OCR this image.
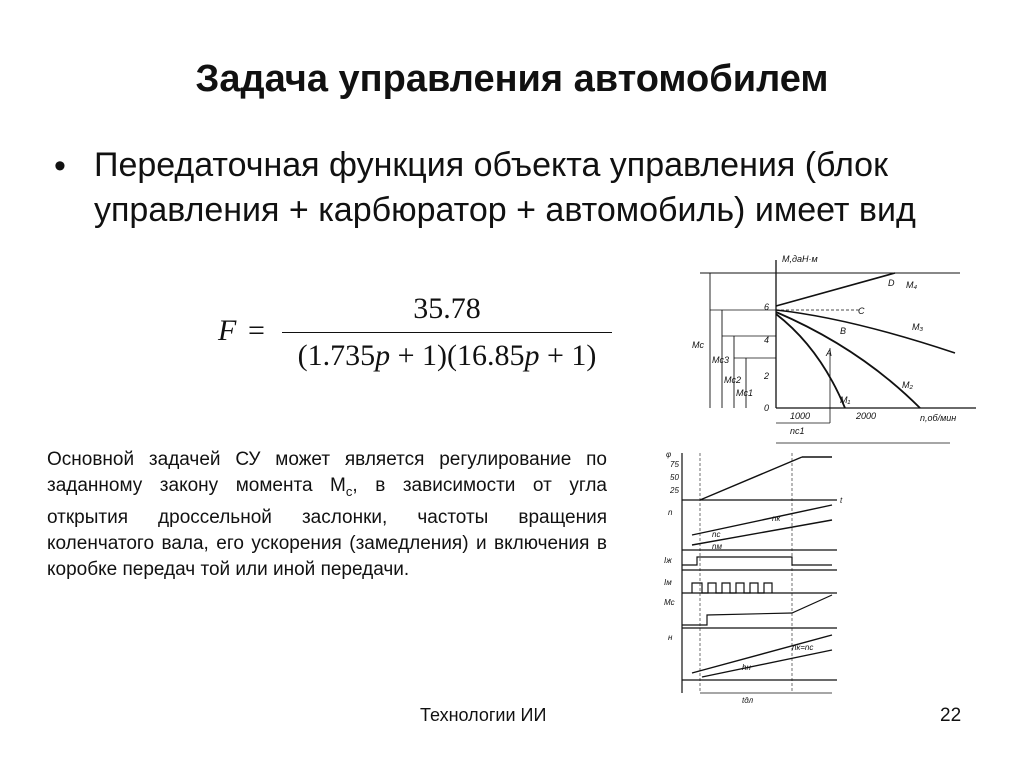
Задача управления автомобилем
• Передаточная функция объекта управления (блок управления + карбюратор + автомобиль) имеет вид
F =
35.78
(1.735p + 1)(16.85p + 1)

Основной задачей СУ может является регулирование по заданному закону момента $М_с$, в зависимости от угла открытия дроссельной заслонки, частоты вращения коленчатого вала, его ускорения (замедления) и включения в коробке передач той или иной передачи.

М,даН·м
n,об/мин
0
2
4
6
1000	2000
М₁
М₂
М₃
М₄
A
B
C
D
Мс
Мс3
Мс2
Мс1
nс1
φ
75
50
25
n
Iж
Iм
Мс
н
t
nс
nк
nм
nк=nс
hн
tдл
Технологии ИИ	22
